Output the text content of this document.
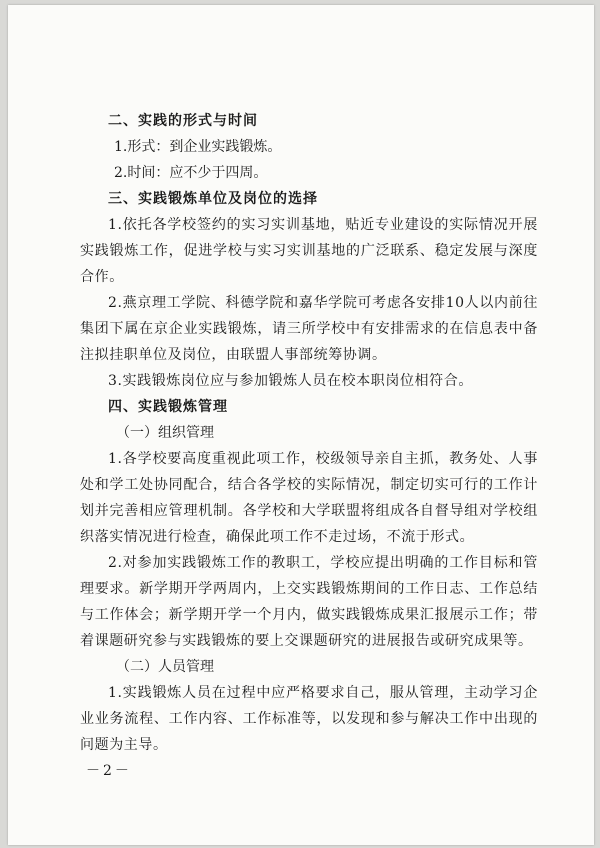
二、实践的形式与时间
1.形式：到企业实践锻炼。
2.时间：应不少于四周。
三、实践锻炼单位及岗位的选择
1.依托各学校签约的实习实训基地，贴近专业建设的实际情况开展实践锻炼工作，促进学校与实习实训基地的广泛联系、稳定发展与深度合作。
2.燕京理工学院、科德学院和嘉华学院可考虑各安排10人以内前往集团下属在京企业实践锻炼，请三所学校中有安排需求的在信息表中备注拟挂职单位及岗位，由联盟人事部统筹协调。
3.实践锻炼岗位应与参加锻炼人员在校本职岗位相符合。
四、实践锻炼管理
（一）组织管理
1.各学校要高度重视此项工作，校级领导亲自主抓，教务处、人事处和学工处协同配合，结合各学校的实际情况，制定切实可行的工作计划并完善相应管理机制。各学校和大学联盟将组成各自督导组对学校组织落实情况进行检查，确保此项工作不走过场，不流于形式。
2.对参加实践锻炼工作的教职工，学校应提出明确的工作目标和管理要求。新学期开学两周内，上交实践锻炼期间的工作日志、工作总结与工作体会；新学期开学一个月内，做实践锻炼成果汇报展示工作；带着课题研究参与实践锻炼的要上交课题研究的进展报告或研究成果等。
（二）人员管理
1.实践锻炼人员在过程中应严格要求自己，服从管理，主动学习企业业务流程、工作内容、工作标准等，以发现和参与解决工作中出现的问题为主导。
－2－
